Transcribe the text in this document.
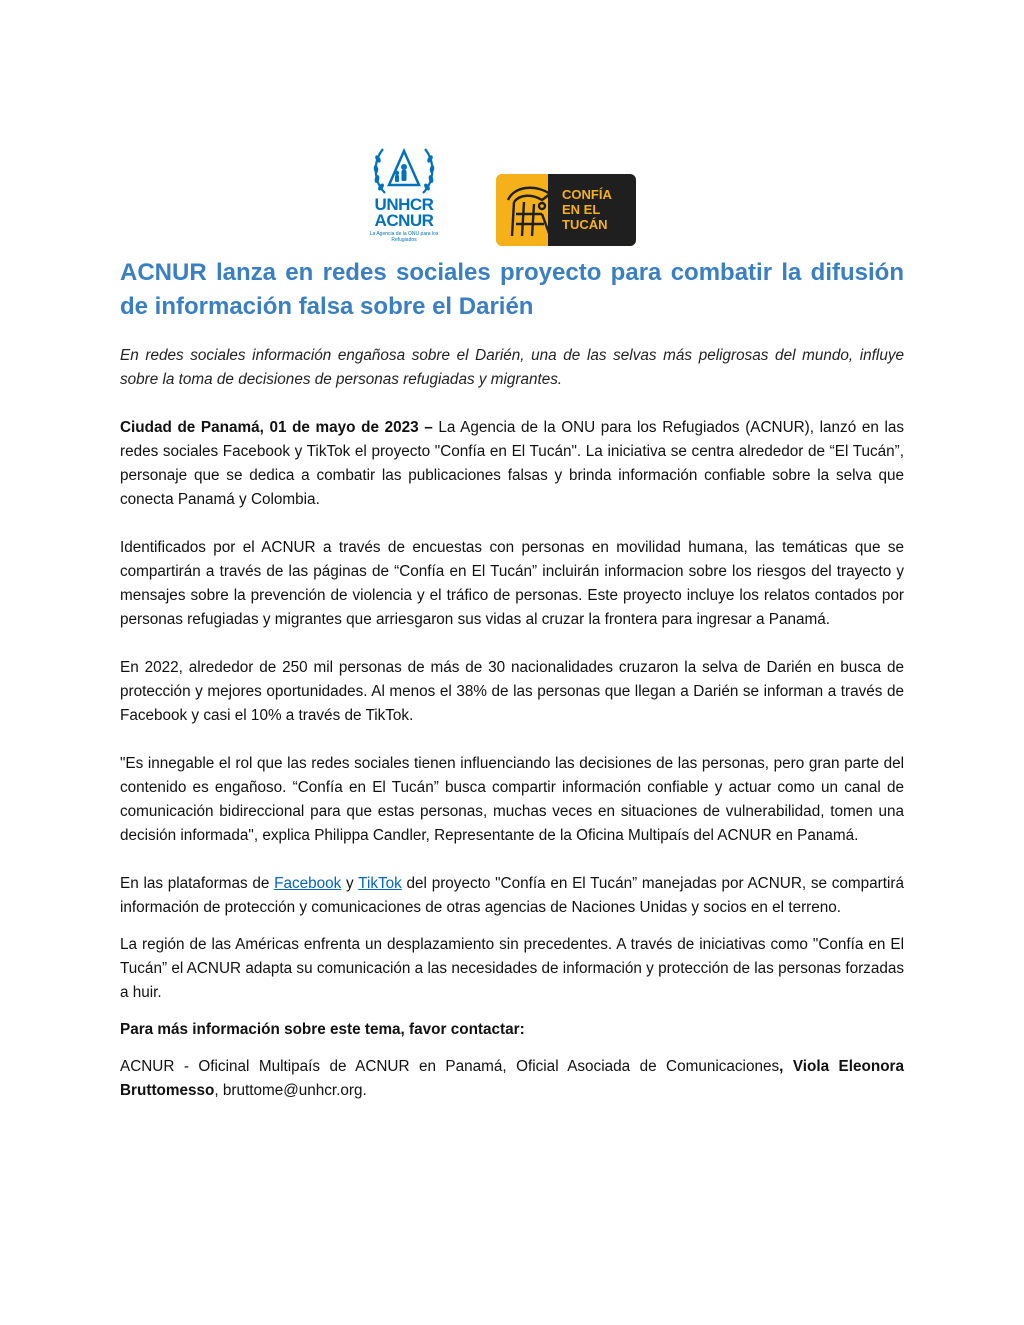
UNHCR
ACNUR
La Agencia de la ONU para los Refugiados
CONFÍA
EN EL
TUCÁN
ACNUR lanza en redes sociales proyecto para combatir la difusión de información falsa sobre el Darién

En redes sociales información engañosa sobre el Darién, una de las selvas más peligrosas del mundo, influye sobre la toma de decisiones de personas refugiadas y migrantes.

Ciudad de Panamá, 01 de mayo de 2023 – La Agencia de la ONU para los Refugiados (ACNUR), lanzó en las redes sociales Facebook y TikTok el proyecto "Confía en El Tucán". La iniciativa se centra alrededor de “El Tucán”, personaje que se dedica a combatir las publicaciones falsas y brinda información confiable sobre la selva que conecta Panamá y Colombia.

Identificados por el ACNUR a través de encuestas con personas en movilidad humana, las temáticas que se compartirán a través de las páginas de “Confía en El Tucán” incluirán informacion sobre los riesgos del trayecto y mensajes sobre la prevención de violencia y el tráfico de personas. Este proyecto incluye los relatos contados por personas refugiadas y migrantes que arriesgaron sus vidas al cruzar la frontera para ingresar a Panamá.

En 2022, alrededor de 250 mil personas de más de 30 nacionalidades cruzaron la selva de Darién en busca de protección y mejores oportunidades. Al menos el 38% de las personas que llegan a Darién se informan a través de Facebook y casi el 10% a través de TikTok.

"Es innegable el rol que las redes sociales tienen influenciando las decisiones de las personas, pero gran parte del contenido es engañoso. “Confía en El Tucán” busca compartir información confiable y actuar como un canal de comunicación bidireccional para que estas personas, muchas veces en situaciones de vulnerabilidad, tomen una decisión informada", explica Philippa Candler, Representante de la Oficina Multipaís del ACNUR en Panamá.

En las plataformas de Facebook y TikTok del proyecto "Confía en El Tucán” manejadas por ACNUR, se compartirá información de protección y comunicaciones de otras agencias de Naciones Unidas y socios en el terreno.

La región de las Américas enfrenta un desplazamiento sin precedentes. A través de iniciativas como "Confía en El Tucán” el ACNUR adapta su comunicación a las necesidades de información y protección de las personas forzadas a huir.

Para más información sobre este tema, favor contactar:

ACNUR - Oficinal Multipaís de ACNUR en Panamá, Oficial Asociada de Comunicaciones, Viola Eleonora Bruttomesso, bruttome@unhcr.org.
